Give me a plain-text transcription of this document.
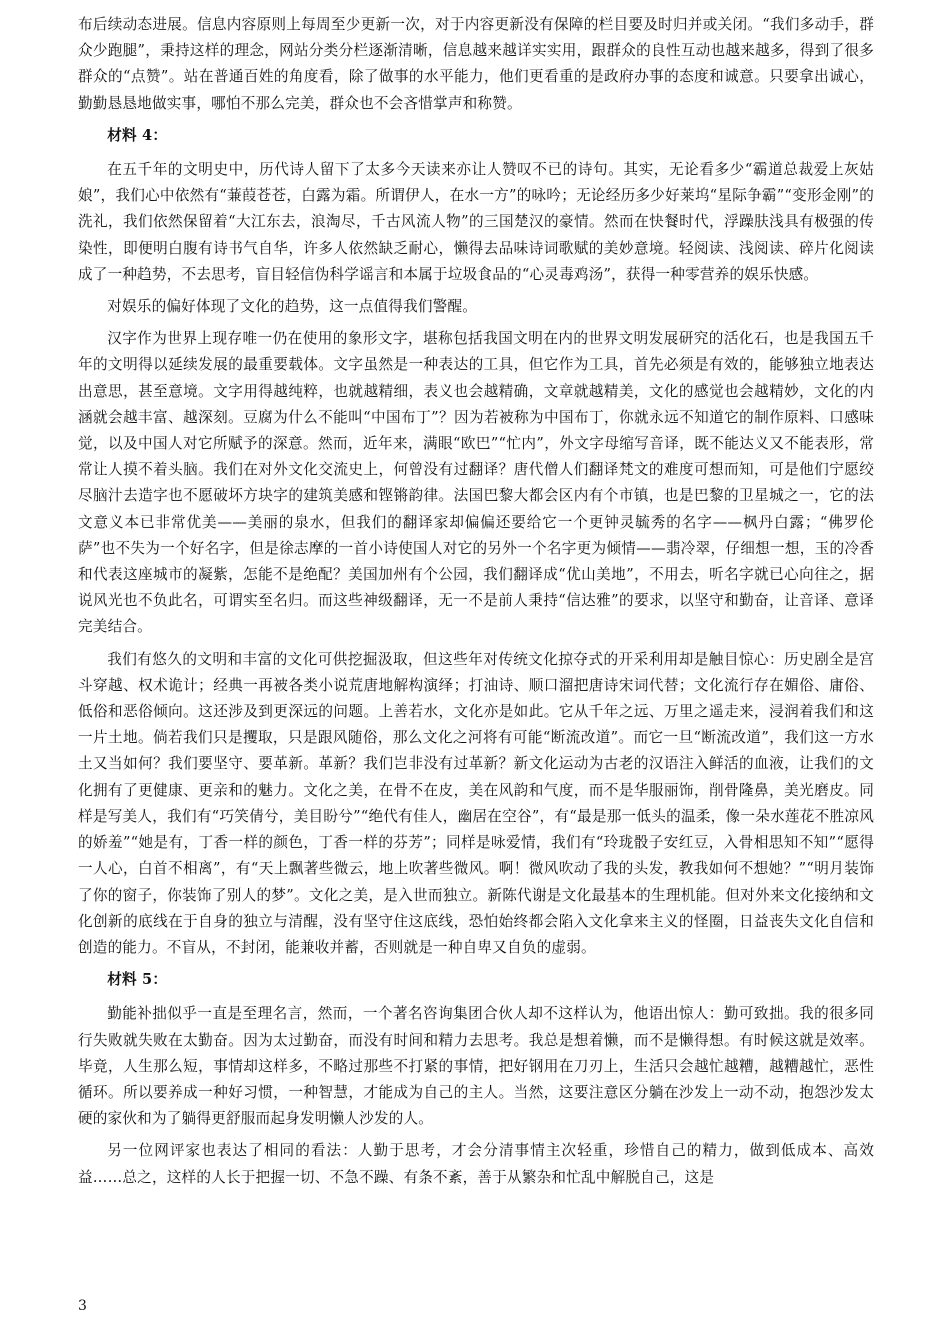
布后续动态进展。信息内容原则上每周至少更新一次，对于内容更新没有保障的栏目要及时归并或关闭。“我们多动手，群众少跑腿”，秉持这样的理念，网站分类分栏逐渐清晰，信息越来越详实实用，跟群众的良性互动也越来越多，得到了很多群众的“点赞”。站在普通百姓的角度看，除了做事的水平能力，他们更看重的是政府办事的态度和诚意。只要拿出诚心，勤勤恳恳地做实事，哪怕不那么完美，群众也不会吝惜掌声和称赞。

材料 4：

在五千年的文明史中，历代诗人留下了太多今天读来亦让人赞叹不已的诗句。其实，无论看多少“霸道总裁爱上灰姑娘”，我们心中依然有“蒹葭苍苍，白露为霜。所谓伊人，在水一方”的咏吟；无论经历多少好莱坞“星际争霸”“变形金刚”的洗礼，我们依然保留着“大江东去，浪淘尽，千古风流人物”的三国楚汉的豪情。然而在快餐时代，浮躁肤浅具有极强的传染性，即便明白腹有诗书气自华，许多人依然缺乏耐心，懒得去品味诗词歌赋的美妙意境。轻阅读、浅阅读、碎片化阅读成了一种趋势，不去思考，盲目轻信伪科学谣言和本属于垃圾食品的“心灵毒鸡汤”，获得一种零营养的娱乐快感。

对娱乐的偏好体现了文化的趋势，这一点值得我们警醒。

汉字作为世界上现存唯一仍在使用的象形文字，堪称包括我国文明在内的世界文明发展研究的活化石，也是我国五千年的文明得以延续发展的最重要载体。文字虽然是一种表达的工具，但它作为工具，首先必须是有效的，能够独立地表达出意思，甚至意境。文字用得越纯粹，也就越精细，表义也会越精确，文章就越精美，文化的感觉也会越精妙，文化的内涵就会越丰富、越深刻。豆腐为什么不能叫“中国布丁”？因为若被称为中国布丁，你就永远不知道它的制作原料、口感味觉，以及中国人对它所赋予的深意。然而，近年来，满眼“欧巴”“忙内”，外文字母缩写音译，既不能达义又不能表形，常常让人摸不着头脑。我们在对外文化交流史上，何曾没有过翻译？唐代僧人们翻译梵文的难度可想而知，可是他们宁愿绞尽脑汁去造字也不愿破坏方块字的建筑美感和铿锵韵律。法国巴黎大都会区内有个市镇，也是巴黎的卫星城之一，它的法文意义本已非常优美——美丽的泉水，但我们的翻译家却偏偏还要给它一个更钟灵毓秀的名字——枫丹白露；“佛罗伦萨”也不失为一个好名字，但是徐志摩的一首小诗使国人对它的另外一个名字更为倾情——翡冷翠，仔细想一想，玉的冷香和代表这座城市的凝紫，怎能不是绝配？美国加州有个公园，我们翻译成“优山美地”，不用去，听名字就已心向往之，据说风光也不负此名，可谓实至名归。而这些神级翻译，无一不是前人秉持“信达雅”的要求，以坚守和勤奋，让音译、意译完美结合。

我们有悠久的文明和丰富的文化可供挖掘汲取，但这些年对传统文化掠夺式的开采利用却是触目惊心：历史剧全是宫斗穿越、权术诡计；经典一再被各类小说荒唐地解构演绎；打油诗、顺口溜把唐诗宋词代替；文化流行存在媚俗、庸俗、低俗和恶俗倾向。这还涉及到更深远的问题。上善若水，文化亦是如此。它从千年之远、万里之遥走来，浸润着我们和这一片土地。倘若我们只是攫取，只是跟风随俗，那么文化之河将有可能“断流改道”。而它一旦“断流改道”，我们这一方水土又当如何？我们要坚守、要革新。革新？我们岂非没有过革新？新文化运动为古老的汉语注入鲜活的血液，让我们的文化拥有了更健康、更亲和的魅力。文化之美，在骨不在皮，美在风韵和气度，而不是华服丽饰，削骨隆鼻，美光磨皮。同样是写美人，我们有“巧笑倩兮，美目盼兮”“绝代有佳人，幽居在空谷”，有“最是那一低头的温柔，像一朵水莲花不胜凉风的娇羞”“她是有，丁香一样的颜色，丁香一样的芬芳”；同样是咏爱情，我们有“玲珑骰子安红豆，入骨相思知不知”“愿得一人心，白首不相离”，有“天上飘著些微云，地上吹著些微风。啊！微风吹动了我的头发，教我如何不想她？”“明月装饰了你的窗子，你装饰了别人的梦”。文化之美，是入世而独立。新陈代谢是文化最基本的生理机能。但对外来文化接纳和文化创新的底线在于自身的独立与清醒，没有坚守住这底线，恐怕始终都会陷入文化拿来主义的怪圈，日益丧失文化自信和创造的能力。不盲从，不封闭，能兼收并蓄，否则就是一种自卑又自负的虚弱。

材料 5：

勤能补拙似乎一直是至理名言，然而，一个著名咨询集团合伙人却不这样认为，他语出惊人：勤可致拙。我的很多同行失败就失败在太勤奋。因为太过勤奋，而没有时间和精力去思考。我总是想着懒，而不是懒得想。有时候这就是效率。毕竟，人生那么短，事情却这样多，不略过那些不打紧的事情，把好钢用在刀刃上，生活只会越忙越糟，越糟越忙，恶性循环。所以要养成一种好习惯，一种智慧，才能成为自己的主人。当然，这要注意区分躺在沙发上一动不动，抱怨沙发太硬的家伙和为了躺得更舒服而起身发明懒人沙发的人。

另一位网评家也表达了相同的看法：人勤于思考，才会分清事情主次轻重，珍惜自己的精力，做到低成本、高效益……总之，这样的人长于把握一切、不急不躁、有条不紊，善于从繁杂和忙乱中解脱自己，这是

3
